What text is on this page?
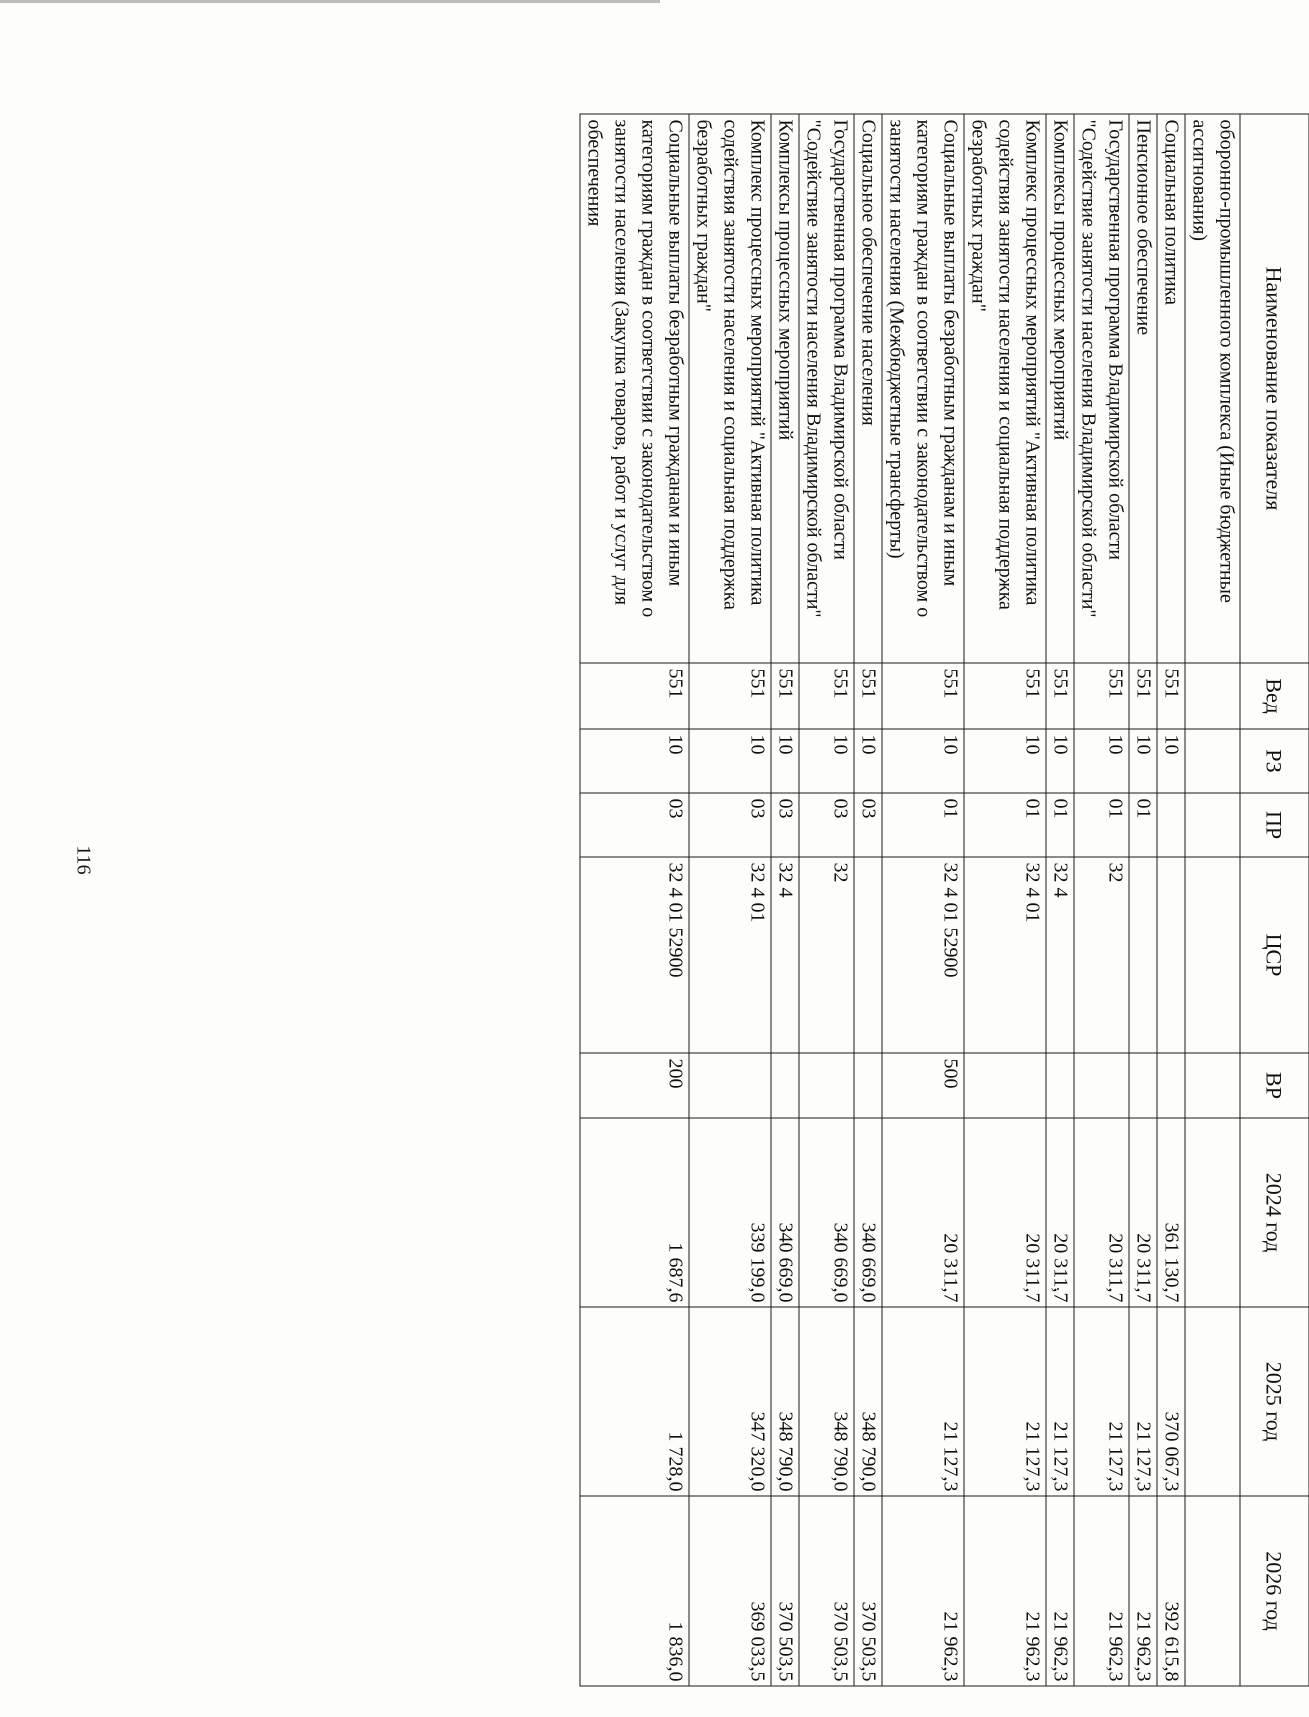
116
Наименование показателя	Вед	РЗ	ПР	ЦСР	ВР	2024 год	2025 год	2026 год
оборонно-промышленного комплекса (Иные бюджетные ассигнования)								
Социальная политика	551	10				361 130,7	370 067,3	392 615,8
Пенсионное обеспечение	551	10	01			20 311,7	21 127,3	21 962,3
Государственная программа Владимирской области "Содействие занятости населения Владимирской области"	551	10	01	32		20 311,7	21 127,3	21 962,3
Комплексы процессных мероприятий	551	10	01	32 4		20 311,7	21 127,3	21 962,3
Комплекс процессных мероприятий "Активная политика содействия занятости населения и социальная поддержка безработных граждан"	551	10	01	32 4 01		20 311,7	21 127,3	21 962,3
Социальные выплаты безработным гражданам и иным категориям граждан в соответствии с законодательством о занятости населения (Межбюджетные трансферты)	551	10	01	32 4 01 52900	500	20 311,7	21 127,3	21 962,3
Социальное обеспечение населения	551	10	03			340 669,0	348 790,0	370 503,5
Государственная программа Владимирской области "Содействие занятости населения Владимирской области"	551	10	03	32		340 669,0	348 790,0	370 503,5
Комплексы процессных мероприятий	551	10	03	32 4		340 669,0	348 790,0	370 503,5
Комплекс процессных мероприятий "Активная политика содействия занятости населения и социальная поддержка безработных граждан"	551	10	03	32 4 01		339 199,0	347 320,0	369 033,5
Социальные выплаты безработным гражданам и иным категориям граждан в соответствии с законодательством о занятости населения (Закупка товаров, работ и услуг для обеспечения	551	10	03	32 4 01 52900	200	1 687,6	1 728,0	1 836,0
